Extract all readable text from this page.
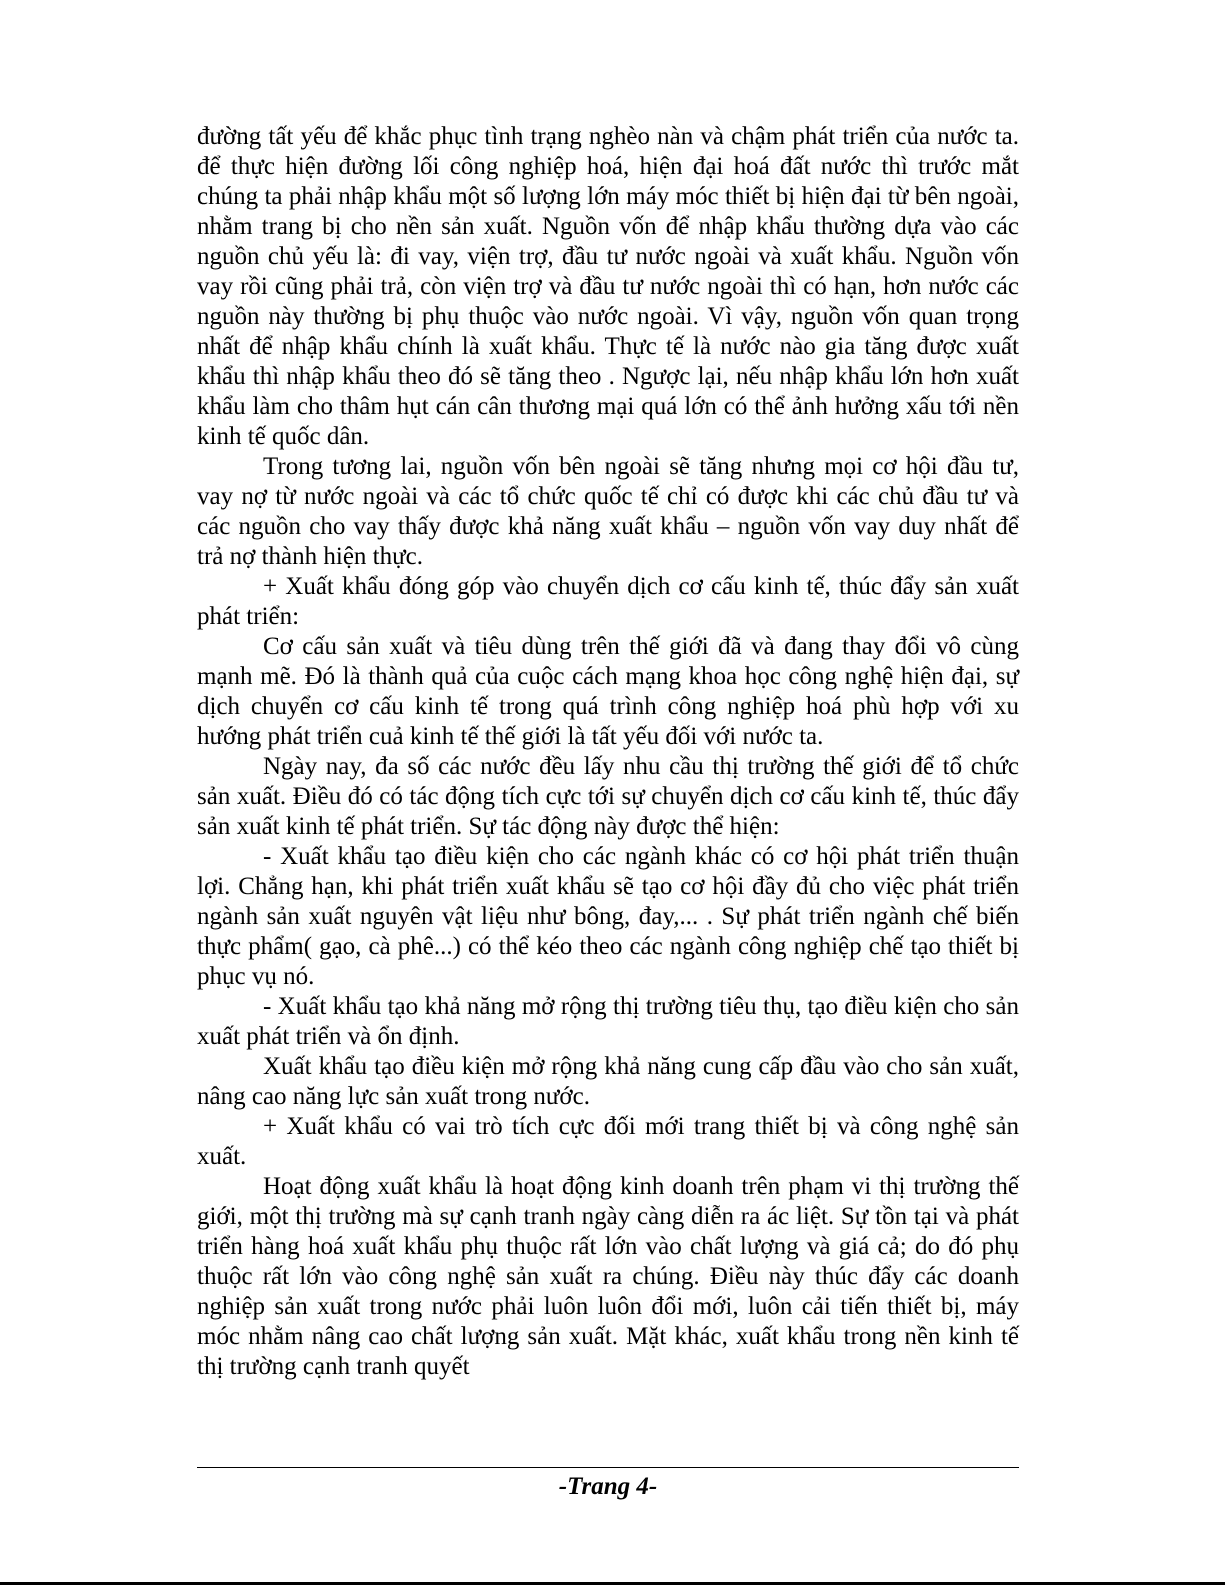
đường tất yếu để khắc phục tình trạng nghèo nàn và chậm phát triển của nước ta. để thực hiện đường lối công nghiệp hoá, hiện đại hoá đất nước thì trước mắt chúng ta phải nhập khẩu một số lượng lớn máy móc thiết bị hiện đại từ bên ngoài, nhằm trang bị cho nền sản xuất. Nguồn vốn để nhập khẩu thường dựa vào các nguồn chủ yếu là: đi vay, viện trợ, đầu tư nước ngoài và xuất khẩu. Nguồn vốn vay rồi cũng phải trả, còn viện trợ và đầu tư nước ngoài thì có hạn, hơn nước các nguồn này thường bị phụ thuộc vào nước ngoài. Vì vậy, nguồn vốn quan trọng nhất để nhập khẩu chính là xuất khẩu. Thực tế là nước nào gia tăng được xuất khẩu thì nhập khẩu theo đó sẽ tăng theo . Ngược lại, nếu nhập khẩu lớn hơn xuất khẩu làm cho thâm hụt cán cân thương mại quá lớn có thể ảnh hưởng xấu tới nền kinh tế quốc dân.

Trong tương lai, nguồn vốn bên ngoài sẽ tăng nhưng mọi cơ hội đầu tư, vay nợ từ nước ngoài và các tổ chức quốc tế chỉ có được khi các chủ đầu tư và các nguồn cho vay thấy được khả năng xuất khẩu – nguồn vốn vay duy nhất để trả nợ thành hiện thực.

+ Xuất khẩu đóng góp vào chuyển dịch cơ cấu kinh tế, thúc đẩy sản xuất phát triển:

Cơ cấu sản xuất và tiêu dùng trên thế giới đã và đang thay đổi vô cùng mạnh mẽ. Đó là thành quả của cuộc cách mạng khoa học công nghệ hiện đại, sự dịch chuyển cơ cấu kinh tế trong quá trình công nghiệp hoá phù hợp với xu hướng phát triển cuả kinh tế thế giới là tất yếu đối với nước ta.

Ngày nay, đa số các nước đều lấy nhu cầu thị trường thế giới để tổ chức sản xuất. Điều đó có tác động tích cực tới sự chuyển dịch cơ cấu kinh tế, thúc đẩy sản xuất kinh tế phát triển. Sự tác động này được thể hiện:

- Xuất khẩu tạo điều kiện cho các ngành khác có cơ hội phát triển thuận lợi. Chẳng hạn, khi phát triển xuất khẩu sẽ tạo cơ hội đầy đủ cho việc phát triển ngành sản xuất nguyên vật liệu như bông, đay,... . Sự phát triển ngành chế biến thực phẩm( gạo, cà phê...) có thể kéo theo các ngành công nghiệp chế tạo thiết bị phục vụ nó.

- Xuất khẩu tạo khả năng mở rộng thị trường tiêu thụ, tạo điều kiện cho sản xuất phát triển và ổn định.

Xuất khẩu tạo điều kiện mở rộng khả năng cung cấp đầu vào cho sản xuất, nâng cao năng lực sản xuất trong nước.

+ Xuất khẩu có vai trò tích cực đối mới trang thiết bị và công nghệ sản xuất.

Hoạt động xuất khẩu là hoạt động kinh doanh trên phạm vi thị trường thế giới, một thị trường mà sự cạnh tranh ngày càng diễn ra ác liệt. Sự tồn tại và phát triển hàng hoá xuất khẩu phụ thuộc rất lớn vào chất lượng và giá cả; do đó phụ thuộc rất lớn vào công nghệ sản xuất ra chúng. Điều này thúc đẩy các doanh nghiệp sản xuất trong nước phải luôn luôn đổi mới, luôn cải tiến thiết bị, máy móc nhằm nâng cao chất lượng sản xuất. Mặt khác, xuất khẩu trong nền kinh tế thị trường cạnh tranh quyết

-Trang 4-
